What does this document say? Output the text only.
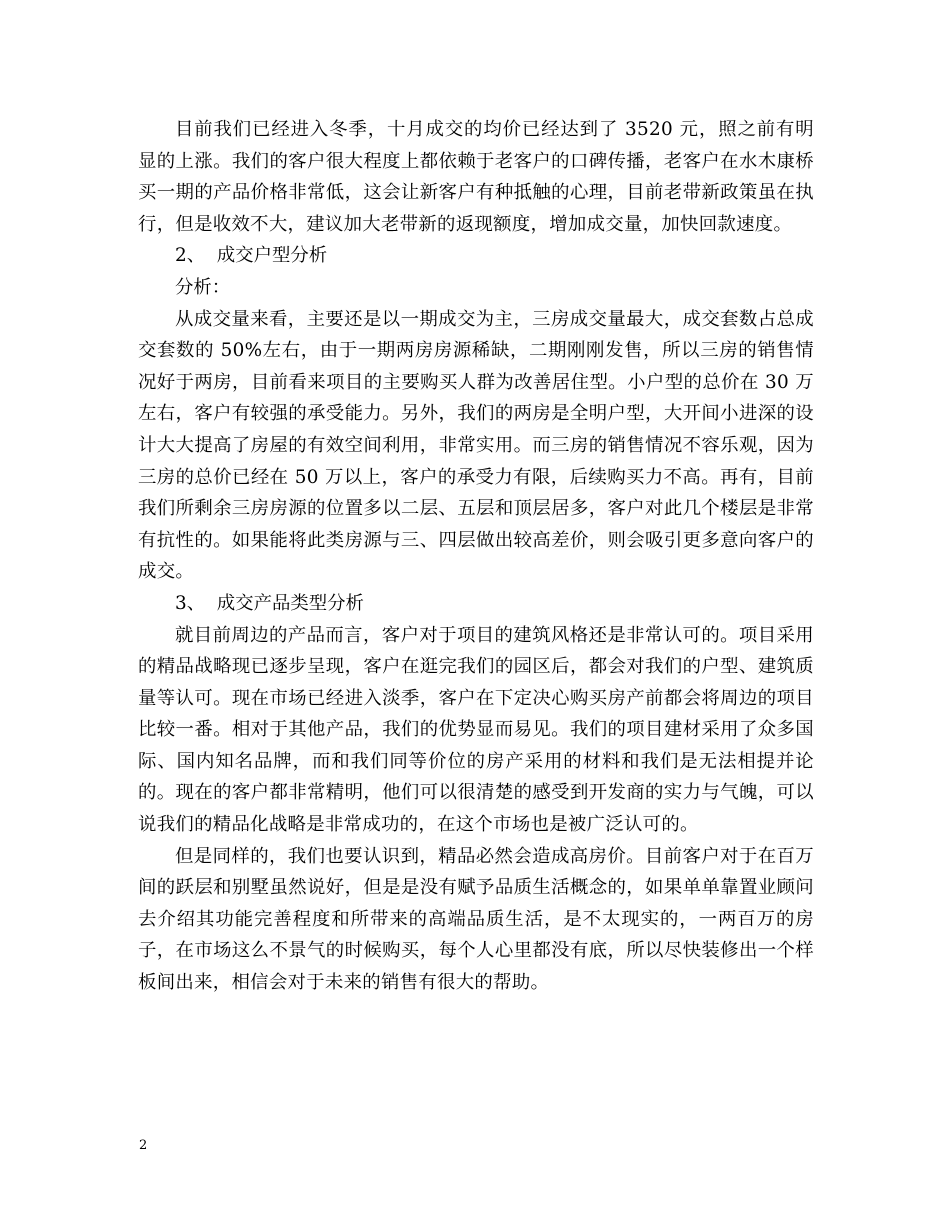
目前我们已经进入冬季，十月成交的均价已经达到了 3520 元，照之前有明显的上涨。我们的客户很大程度上都依赖于老客户的口碑传播，老客户在水木康桥买一期的产品价格非常低，这会让新客户有种抵触的心理，目前老带新政策虽在执行，但是收效不大，建议加大老带新的返现额度，增加成交量，加快回款速度。

2、  成交户型分析

分析：

从成交量来看，主要还是以一期成交为主，三房成交量最大，成交套数占总成交套数的 50%左右，由于一期两房房源稀缺，二期刚刚发售，所以三房的销售情况好于两房，目前看来项目的主要购买人群为改善居住型。小户型的总价在 30 万左右，客户有较强的承受能力。另外，我们的两房是全明户型，大开间小进深的设计大大提高了房屋的有效空间利用，非常实用。而三房的销售情况不容乐观，因为三房的总价已经在 50 万以上，客户的承受力有限，后续购买力不高。再有，目前我们所剩余三房房源的位置多以二层、五层和顶层居多，客户对此几个楼层是非常有抗性的。如果能将此类房源与三、四层做出较高差价，则会吸引更多意向客户的成交。

3、  成交产品类型分析

就目前周边的产品而言，客户对于项目的建筑风格还是非常认可的。项目采用的精品战略现已逐步呈现，客户在逛完我们的园区后，都会对我们的户型、建筑质量等认可。现在市场已经进入淡季，客户在下定决心购买房产前都会将周边的项目比较一番。相对于其他产品，我们的优势显而易见。我们的项目建材采用了众多国际、国内知名品牌，而和我们同等价位的房产采用的材料和我们是无法相提并论的。现在的客户都非常精明，他们可以很清楚的感受到开发商的实力与气魄，可以说我们的精品化战略是非常成功的，在这个市场也是被广泛认可的。

但是同样的，我们也要认识到，精品必然会造成高房价。目前客户对于在百万间的跃层和别墅虽然说好，但是是没有赋予品质生活概念的，如果单单靠置业顾问去介绍其功能完善程度和所带来的高端品质生活，是不太现实的，一两百万的房子，在市场这么不景气的时候购买，每个人心里都没有底，所以尽快装修出一个样板间出来，相信会对于未来的销售有很大的帮助。

2
